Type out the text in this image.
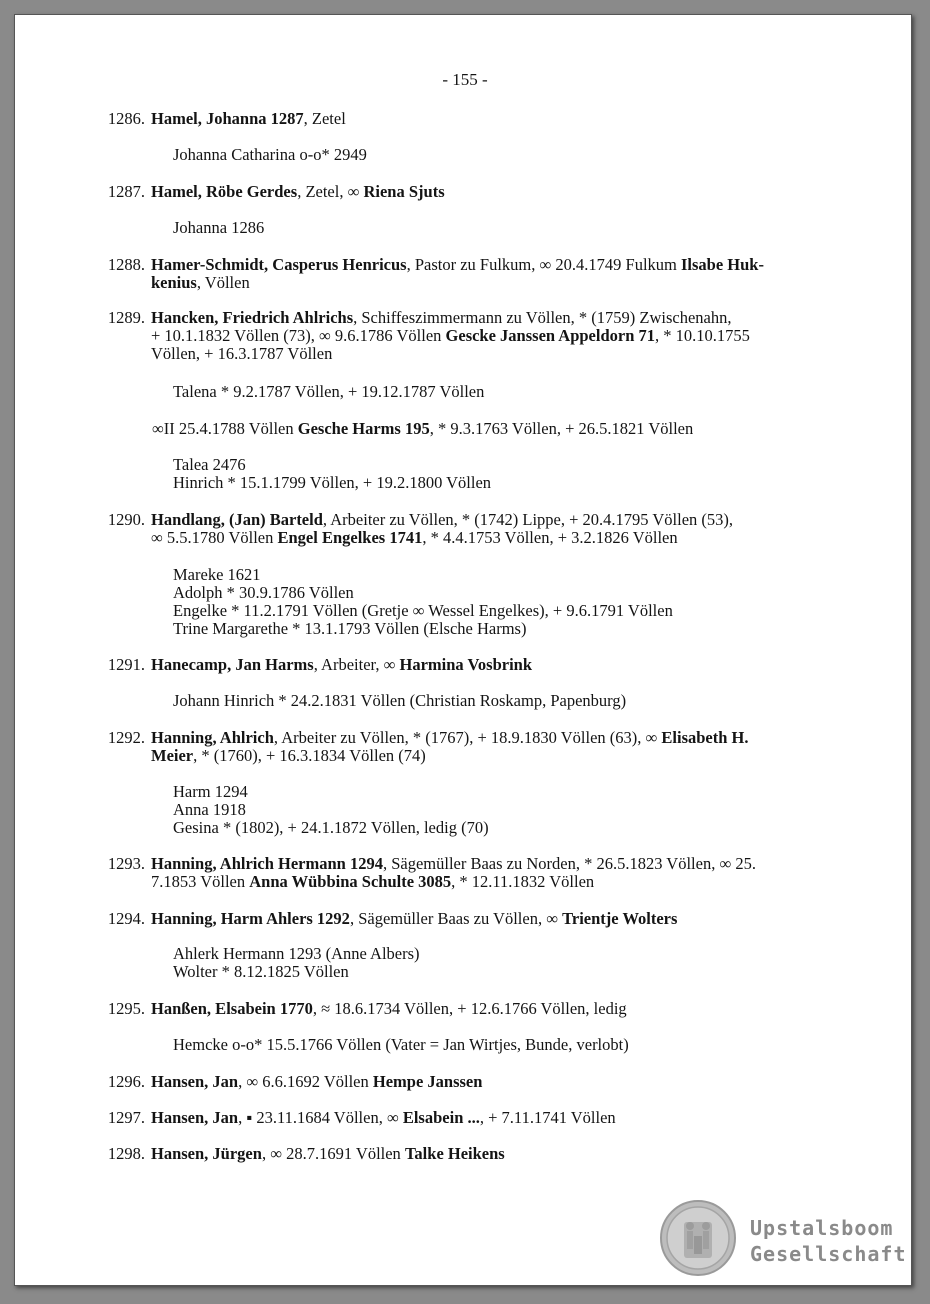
- 155 -
1286. Hamel, Johanna 1287, Zetel
Johanna Catharina o-o* 2949
1287. Hamel, Röbe Gerdes, Zetel, ∞ Riena Sjuts
Johanna 1286
1288. Hamer-Schmidt, Casperus Henricus, Pastor zu Fulkum, ∞ 20.4.1749 Fulkum Ilsabe Huk-
kenius, Völlen
1289. Hancken, Friedrich Ahlrichs, Schiffeszimmermann zu Völlen, * (1759) Zwischenahn,
+ 10.1.1832 Völlen (73), ∞ 9.6.1786 Völlen Gescke Janssen Appeldorn 71, * 10.10.1755
Völlen, + 16.3.1787 Völlen
Talena * 9.2.1787 Völlen, + 19.12.1787 Völlen
∞II 25.4.1788 Völlen Gesche Harms 195, * 9.3.1763 Völlen, + 26.5.1821 Völlen
Talea 2476
Hinrich * 15.1.1799 Völlen, + 19.2.1800 Völlen
1290. Handlang, (Jan) Barteld, Arbeiter zu Völlen, * (1742) Lippe, + 20.4.1795 Völlen (53),
∞ 5.5.1780 Völlen Engel Engelkes 1741, * 4.4.1753 Völlen, + 3.2.1826 Völlen
Mareke 1621
Adolph * 30.9.1786 Völlen
Engelke * 11.2.1791 Völlen (Gretje ∞ Wessel Engelkes), + 9.6.1791 Völlen
Trine Margarethe * 13.1.1793 Völlen (Elsche Harms)
1291. Hanecamp, Jan Harms, Arbeiter, ∞ Harmina Vosbrink
Johann Hinrich * 24.2.1831 Völlen (Christian Roskamp, Papenburg)
1292. Hanning, Ahlrich, Arbeiter zu Völlen, * (1767), + 18.9.1830 Völlen (63), ∞ Elisabeth H.
Meier, * (1760), + 16.3.1834 Völlen (74)
Harm 1294
Anna 1918
Gesina * (1802), + 24.1.1872 Völlen, ledig (70)
1293. Hanning, Ahlrich Hermann 1294, Sägemüller Baas zu Norden, * 26.5.1823 Völlen, ∞ 25.
7.1853 Völlen Anna Wübbina Schulte 3085, * 12.11.1832 Völlen
1294. Hanning, Harm Ahlers 1292, Sägemüller Baas zu Völlen, ∞ Trientje Wolters
Ahlerk Hermann 1293 (Anne Albers)
Wolter * 8.12.1825 Völlen
1295. Hanßen, Elsabein 1770, ≈ 18.6.1734 Völlen, + 12.6.1766 Völlen, ledig
Hemcke o-o* 15.5.1766 Völlen (Vater = Jan Wirtjes, Bunde, verlobt)
1296. Hansen, Jan, ∞ 6.6.1692 Völlen Hempe Janssen
1297. Hansen, Jan, ▪ 23.11.1684 Völlen, ∞ Elsabein ..., + 7.11.1741 Völlen
1298. Hansen, Jürgen, ∞ 28.7.1691 Völlen Talke Heikens
Upstalsboom
Gesellschaft
